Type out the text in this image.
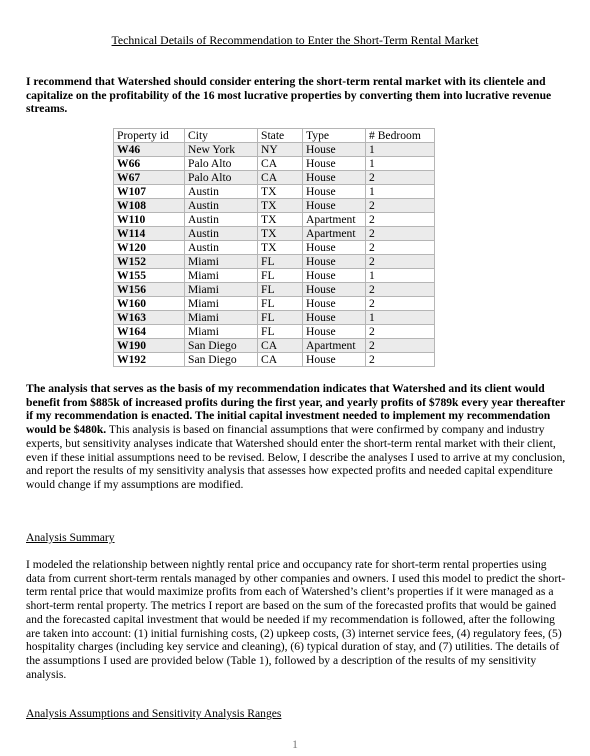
Technical Details of Recommendation to Enter the Short-Term Rental Market
I recommend that Watershed should consider entering the short-term rental market with its clientele and capitalize on the profitability of the 16 most lucrative properties by converting them into lucrative revenue streams.
Property id	City	State	Type	# Bedroom
W46	New York	NY	House	1
W66	Palo Alto	CA	House	1
W67	Palo Alto	CA	House	2
W107	Austin	TX	House	1
W108	Austin	TX	House	2
W110	Austin	TX	Apartment	2
W114	Austin	TX	Apartment	2
W120	Austin	TX	House	2
W152	Miami	FL	House	2
W155	Miami	FL	House	1
W156	Miami	FL	House	2
W160	Miami	FL	House	2
W163	Miami	FL	House	1
W164	Miami	FL	House	2
W190	San Diego	CA	Apartment	2
W192	San Diego	CA	House	2
The analysis that serves as the basis of my recommendation indicates that Watershed and its client would benefit from $885k of increased profits during the first year, and yearly profits of $789k every year thereafter if my recommendation is enacted. The initial capital investment needed to implement my recommendation would be $480k. This analysis is based on financial assumptions that were confirmed by company and industry experts, but sensitivity analyses indicate that Watershed should enter the short-term rental market with their client, even if these initial assumptions need to be revised. Below, I describe the analyses I used to arrive at my conclusion, and report the results of my sensitivity analysis that assesses how expected profits and needed capital expenditure would change if my assumptions are modified.
Analysis Summary
I modeled the relationship between nightly rental price and occupancy rate for short-term rental properties using data from current short-term rentals managed by other companies and owners. I used this model to predict the short-term rental price that would maximize profits from each of Watershed’s client’s properties if it were managed as a short-term rental property. The metrics I report are based on the sum of the forecasted profits that would be gained and the forecasted capital investment that would be needed if my recommendation is followed, after the following are taken into account: (1) initial furnishing costs, (2) upkeep costs, (3) internet service fees, (4) regulatory fees, (5) hospitality charges (including key service and cleaning), (6) typical duration of stay, and (7) utilities. The details of the assumptions I used are provided below (Table 1), followed by a description of the results of my sensitivity analysis.
Analysis Assumptions and Sensitivity Analysis Ranges
1
